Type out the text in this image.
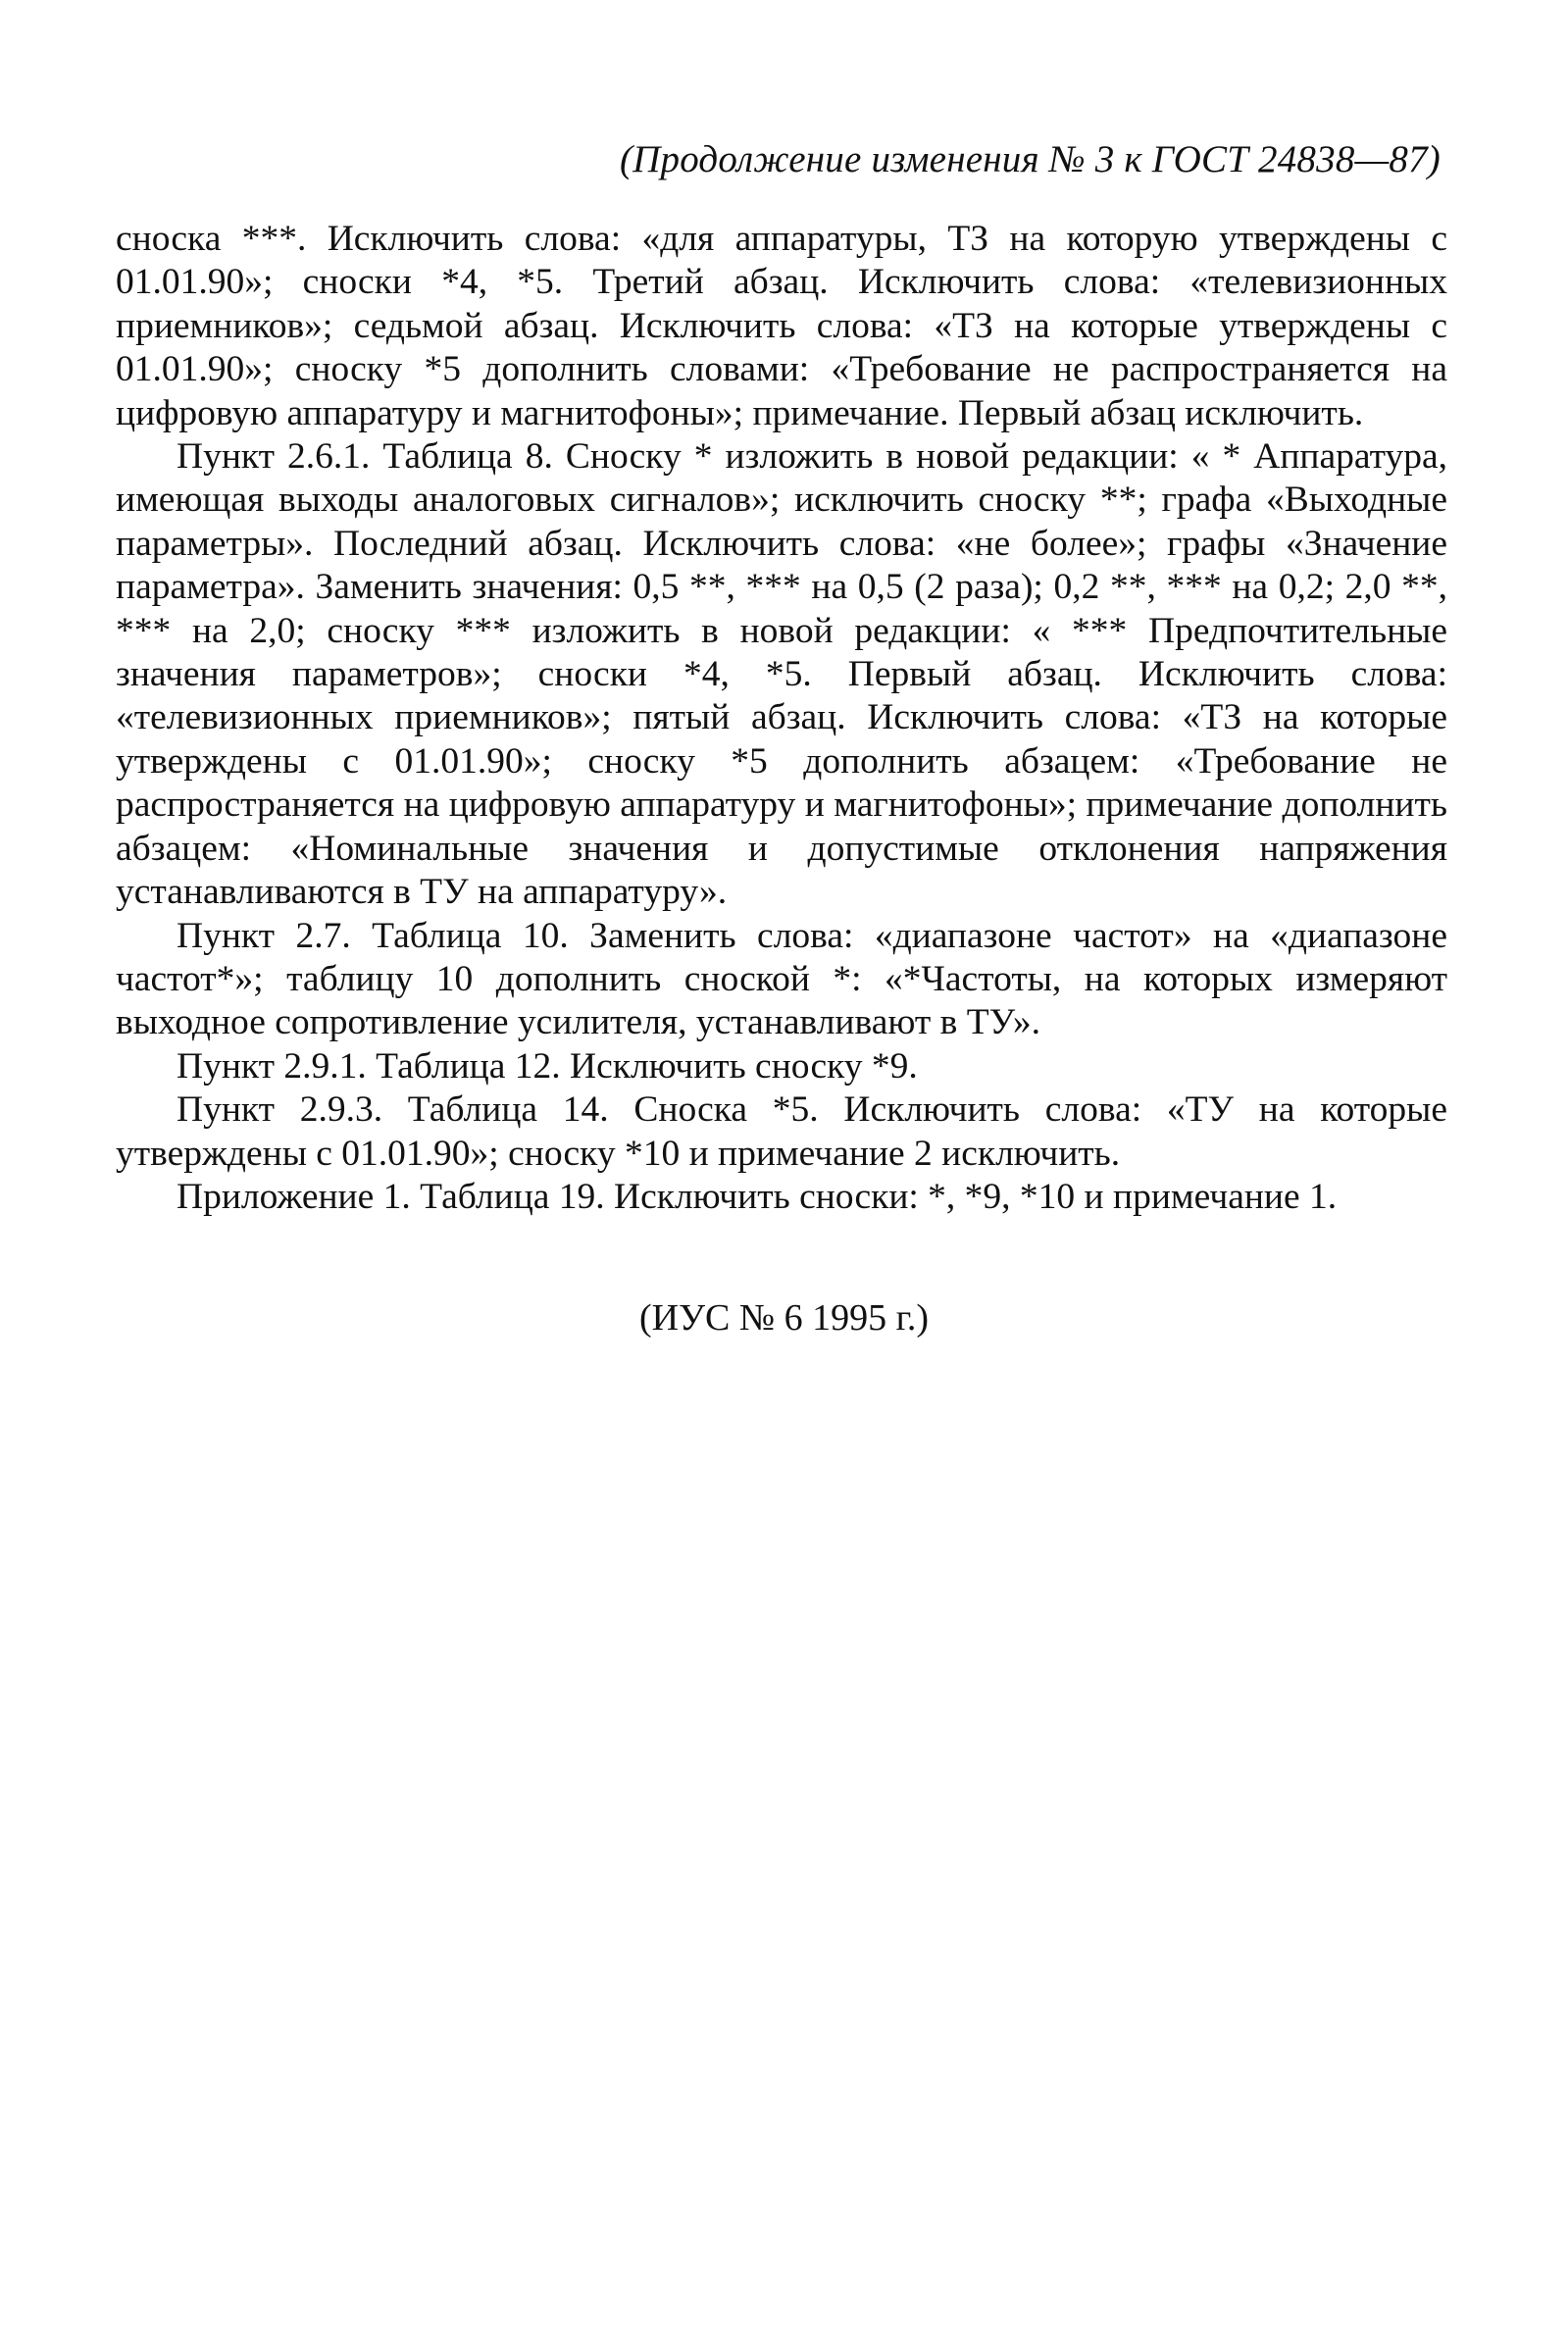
(Продолжение изменения № 3 к ГОСТ 24838—87)

сноска ***. Исключить слова: «для аппаратуры, ТЗ на которую утверждены с 01.01.90»; сноски *4, *5. Третий абзац. Исключить слова: «телевизионных приемников»; седьмой абзац. Исключить слова: «ТЗ на которые утверждены с 01.01.90»; сноску *5 дополнить словами: «Требование не распространяется на цифровую аппаратуру и магнитофоны»; примечание. Первый абзац исключить.

Пункт 2.6.1. Таблица 8. Сноску * изложить в новой редакции: « * Аппаратура, имеющая выходы аналоговых сигналов»; исключить сноску **; графа «Выходные параметры». Последний абзац. Исключить слова: «не более»; графы «Значение параметра». Заменить значения: 0,5 **, *** на 0,5 (2 раза); 0,2 **, *** на 0,2; 2,0 **, *** на 2,0; сноску *** изложить в новой редакции: « *** Предпочтительные значения параметров»; сноски *4, *5. Первый абзац. Исключить слова: «телевизионных приемников»; пятый абзац. Исключить слова: «ТЗ на которые утверждены с 01.01.90»; сноску *5 дополнить абзацем: «Требование не распространяется на цифровую аппаратуру и магнитофоны»; примечание дополнить абзацем: «Номинальные значения и допустимые отклонения напряжения устанавливаются в ТУ на аппаратуру».

Пункт 2.7. Таблица 10. Заменить слова: «диапазоне частот» на «диапазоне частот*»; таблицу 10 дополнить сноской *: «*Частоты, на которых измеряют выходное сопротивление усилителя, устанавливают в ТУ».

Пункт 2.9.1. Таблица 12. Исключить сноску *9.

Пункт 2.9.3. Таблица 14. Сноска *5. Исключить слова: «ТУ на которые утверждены с 01.01.90»; сноску *10 и примечание 2 исключить.

Приложение 1. Таблица 19. Исключить сноски: *, *9, *10 и примечание 1.

(ИУС № 6 1995 г.)
